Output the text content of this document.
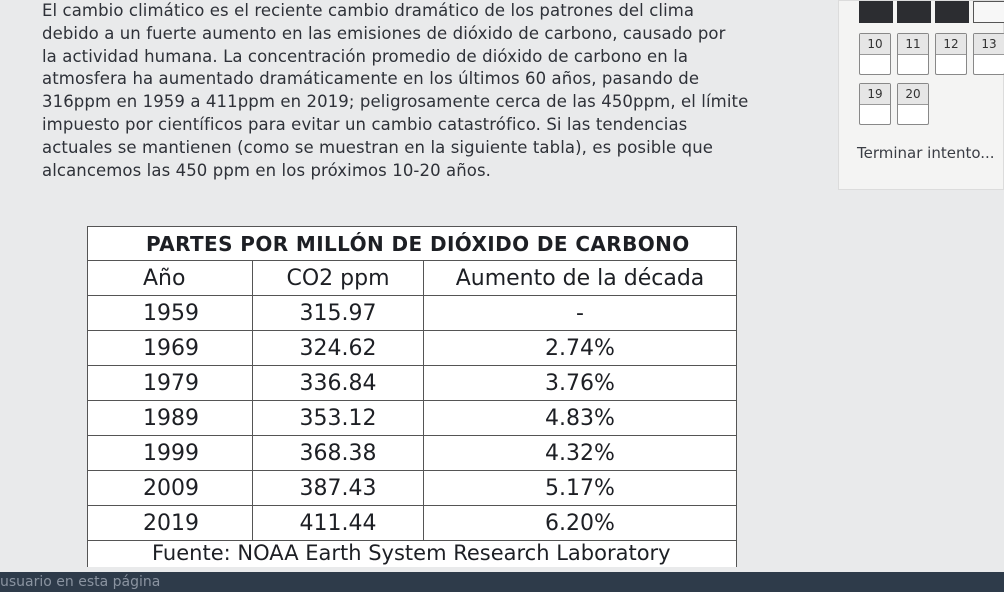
El cambio climático es el reciente cambio dramático de los patrones del clima
debido a un fuerte aumento en las emisiones de dióxido de carbono, causado por
la actividad humana. La concentración promedio de dióxido de carbono en la
atmosfera ha aumentado dramáticamente en los últimos 60 años, pasando de
316ppm en 1959 a 411ppm en 2019; peligrosamente cerca de las 450ppm, el límite
impuesto por científicos para evitar un cambio catastrófico. Si las tendencias
actuales se mantienen (como se muestran en la siguiente tabla), es posible que
alcancemos las 450 ppm en los próximos 10-20 años.
PARTES POR MILLÓN DE DIÓXIDO DE CARBONO		
Año	CO2 ppm	Aumento de la década
1959	315.97	-
1969	324.62	2.74%
1979	336.84	3.76%
1989	353.12	4.83%
1999	368.38	4.32%
2009	387.43	5.17%
2019	411.44	6.20%
Fuente: NOAA Earth System Research Laboratory		
10	11	12	13
19	20
Terminar intento...
usuario en esta página
